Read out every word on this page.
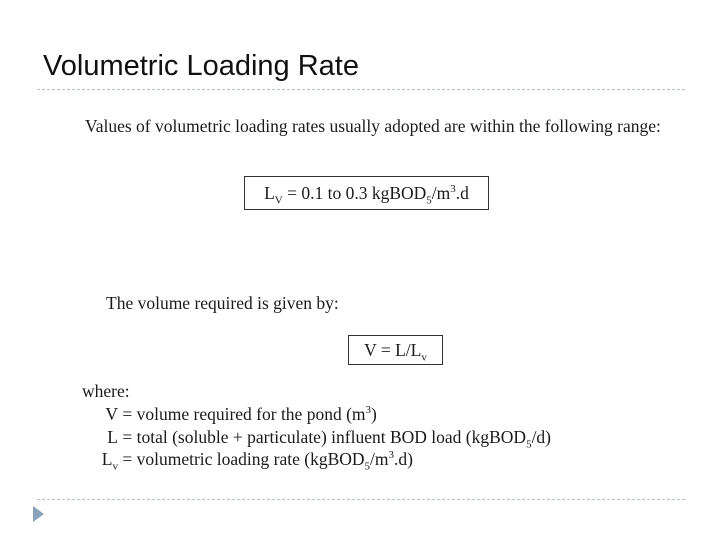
Volumetric Loading Rate
Values of volumetric loading rates usually adopted are within the following range:
$L_V = 0.1$ to 0.3 $kgBOD_5/m^3.d$
The volume required is given by:
$V = L/L_v$
where:
V = volume required for the pond $(m^3)$
L = total (soluble + particulate) influent BOD load (kgBOD$_5$/d)
$L_v$ = volumetric loading rate $(kgBOD_5/m^3.d)$
